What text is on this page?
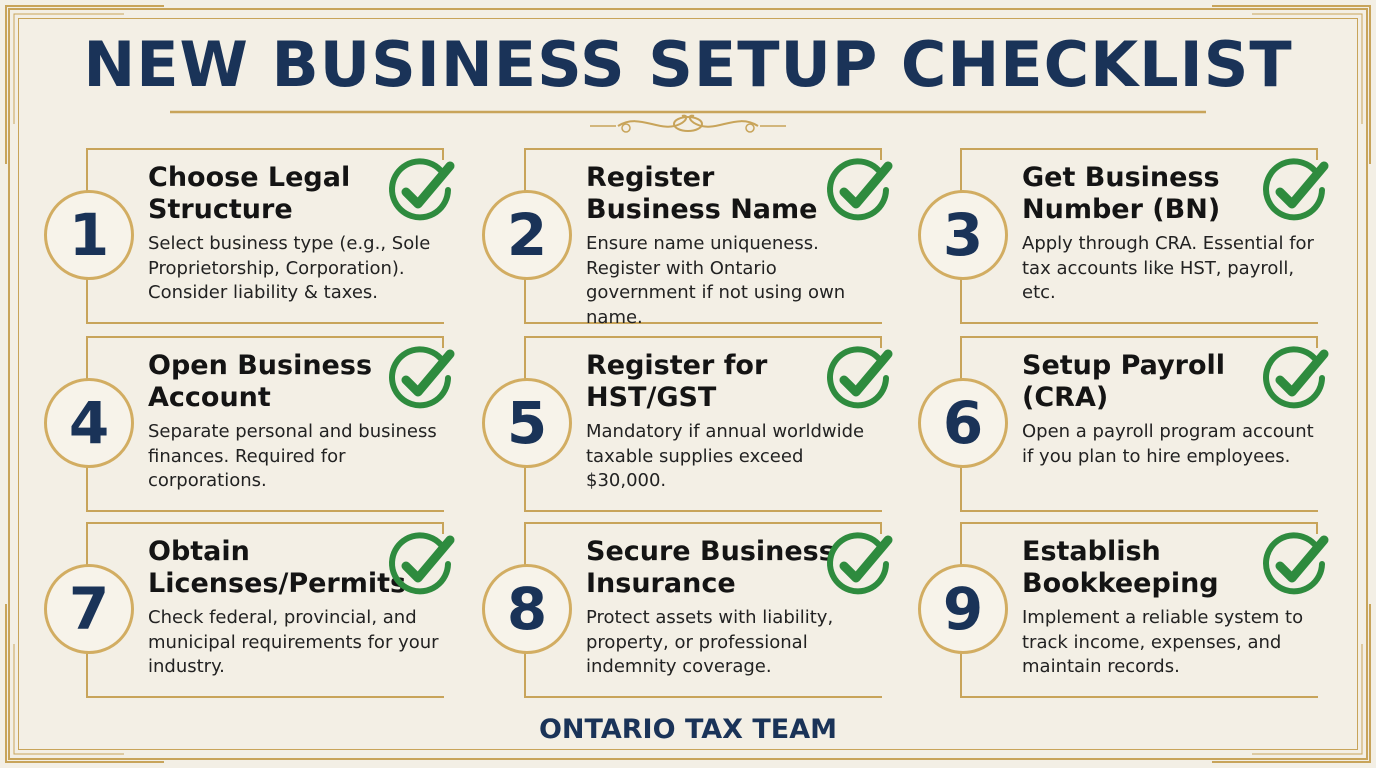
NEW BUSINESS SETUP CHECKLIST
1
Choose Legal
Structure
Select business type (e.g., Sole Proprietorship, Corporation). Consider liability & taxes.
2
Register
Business Name
Ensure name uniqueness. Register with Ontario government if not using own name.
3
Get Business
Number (BN)
Apply through CRA. Essential for tax accounts like HST, payroll, etc.
4
Open Business
Account
Separate personal and business finances. Required for corporations.
5
Register for
HST/GST
Mandatory if annual worldwide taxable supplies exceed $30,000.
6
Setup Payroll
(CRA)
Open a payroll program account if you plan to hire employees.
7
Obtain
Licenses/Permits
Check federal, provincial, and municipal requirements for your industry.
8
Secure Business
Insurance
Protect assets with liability, property, or professional indemnity coverage.
9
Establish
Bookkeeping
Implement a reliable system to track income, expenses, and maintain records.
ONTARIO TAX TEAM
